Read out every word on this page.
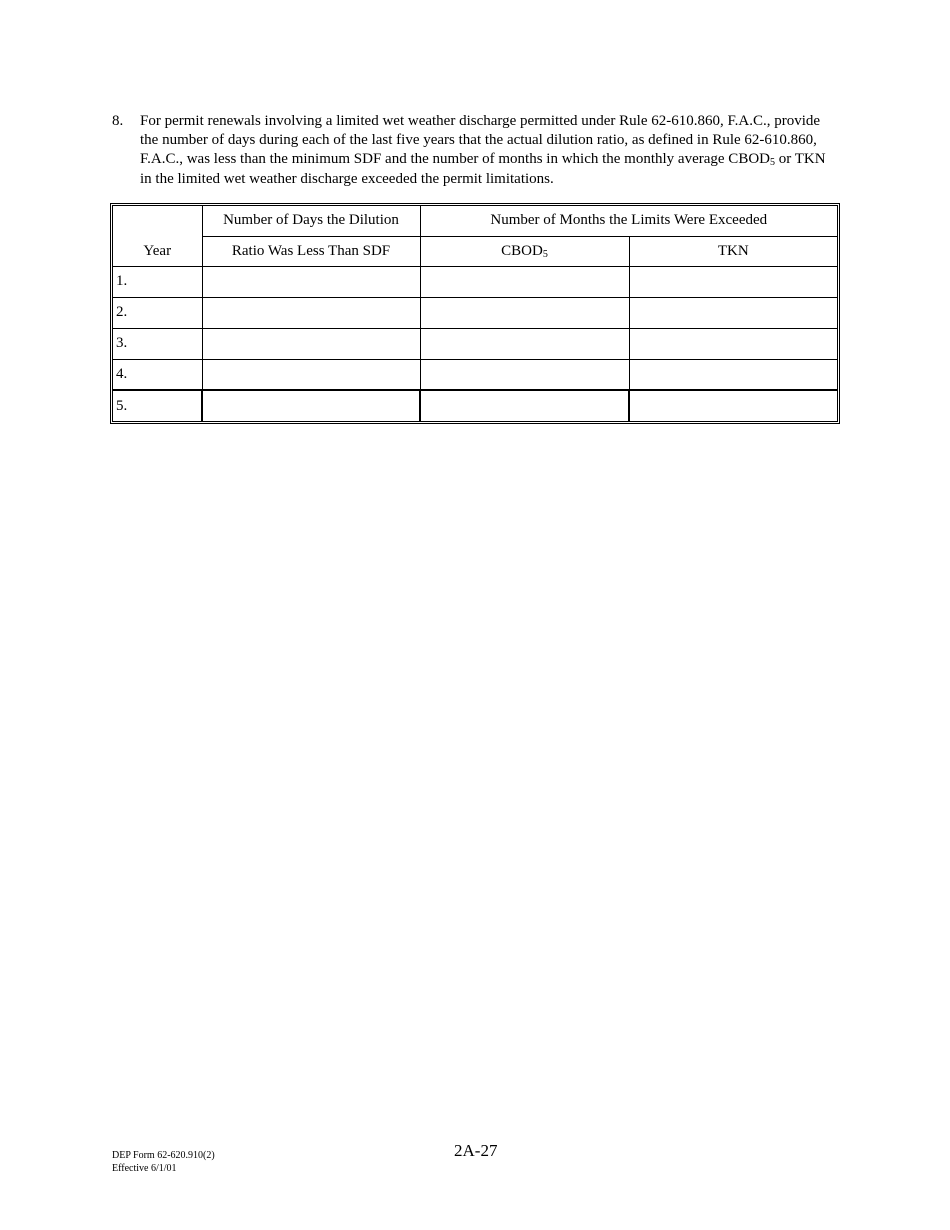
8. For permit renewals involving a limited wet weather discharge permitted under Rule 62-610.860, F.A.C., provide the number of days during each of the last five years that the actual dilution ratio, as defined in Rule 62-610.860, F.A.C., was less than the minimum SDF and the number of months in which the monthly average $CBOD_5$ or TKN in the limited wet weather discharge exceeded the permit limitations.
Year	Number of Days the Dilution	Number of Months the Limits Were Exceeded	
	Ratio Was Less Than SDF	$CBOD_5$	TKN
1.			
2.			
3.			
4.			
5.			
DEP Form 62-620.910(2)
Effective 6/1/01
2A-27
